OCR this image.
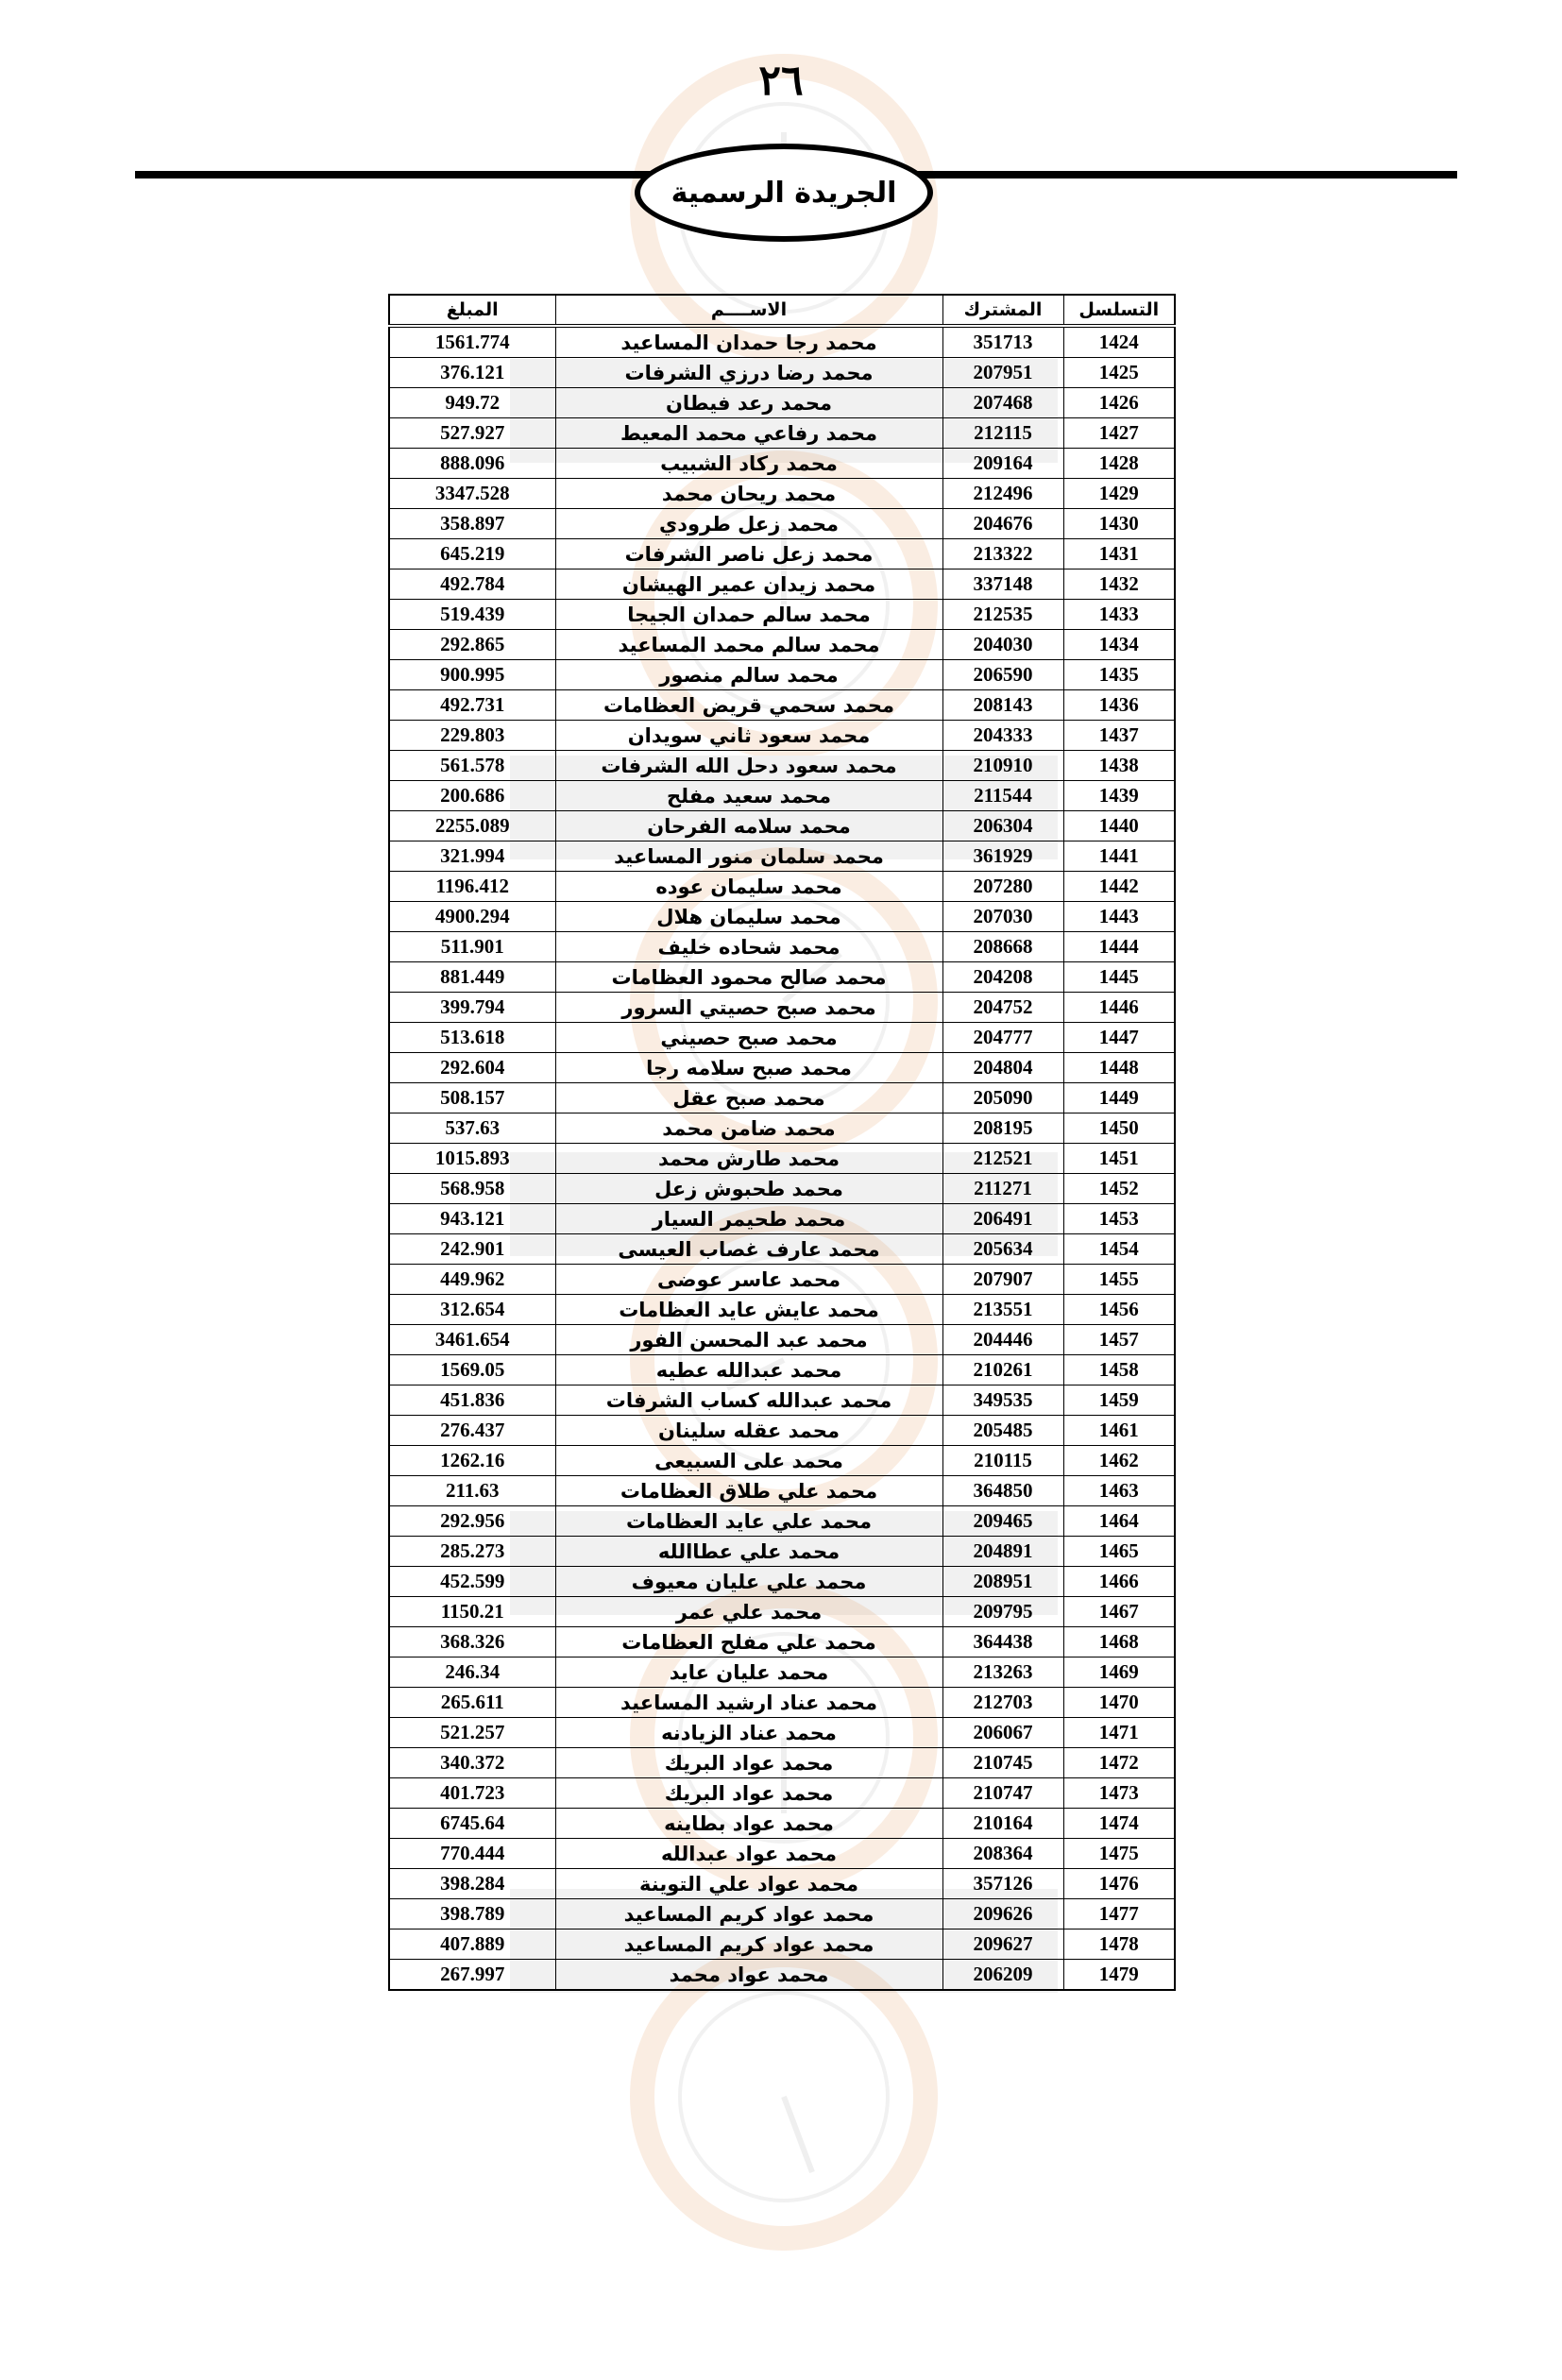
٢٦
الجريدة الرسمية
التسلسل	المشترك	الاســــم	المبلغ
1424	351713	محمد رجا حمدان المساعيد	1561.774
1425	207951	محمد رضا درزي الشرفات	376.121
1426	207468	محمد رعد فيطان	949.72
1427	212115	محمد رفاعي محمد المعيط	527.927
1428	209164	محمد ركاد الشبيب	888.096
1429	212496	محمد ريحان محمد	3347.528
1430	204676	محمد زعل طرودي	358.897
1431	213322	محمد زعل ناصر الشرفات	645.219
1432	337148	محمد زيدان عمير الهيشان	492.784
1433	212535	محمد سالم حمدان الجيجا	519.439
1434	204030	محمد سالم محمد المساعيد	292.865
1435	206590	محمد سالم منصور	900.995
1436	208143	محمد سحمي قريض العظامات	492.731
1437	204333	محمد سعود ثاني سويدان	229.803
1438	210910	محمد سعود دحل الله الشرفات	561.578
1439	211544	محمد سعيد مفلح	200.686
1440	206304	محمد سلامه الفرحان	2255.089
1441	361929	محمد سلمان منور المساعيد	321.994
1442	207280	محمد سليمان عوده	1196.412
1443	207030	محمد سليمان هلال	4900.294
1444	208668	محمد شحاده خليف	511.901
1445	204208	محمد صالح محمود العظامات	881.449
1446	204752	محمد صبح حصيتي السرور	399.794
1447	204777	محمد صبح حصيني	513.618
1448	204804	محمد صبح سلامه رجا	292.604
1449	205090	محمد صبح عقل	508.157
1450	208195	محمد ضامن محمد	537.63
1451	212521	محمد طارش محمد	1015.893
1452	211271	محمد طحبوش زعل	568.958
1453	206491	محمد طحيمر السيار	943.121
1454	205634	محمد عارف غصاب العيسى	242.901
1455	207907	محمد عاسر عوضى	449.962
1456	213551	محمد عايش عايد العظامات	312.654
1457	204446	محمد عبد المحسن الفور	3461.654
1458	210261	محمد عبدالله عطيه	1569.05
1459	349535	محمد عبدالله كساب الشرفات	451.836
1461	205485	محمد عقله سلينان	276.437
1462	210115	محمد على السبيعى	1262.16
1463	364850	محمد علي طلاق العظامات	211.63
1464	209465	محمد علي عايد العظامات	292.956
1465	204891	محمد علي عطاالله	285.273
1466	208951	محمد علي عليان معيوف	452.599
1467	209795	محمد علي عمر	1150.21
1468	364438	محمد علي مفلح العظامات	368.326
1469	213263	محمد عليان عايد	246.34
1470	212703	محمد عناد ارشيد المساعيد	265.611
1471	206067	محمد عناد الزيادنه	521.257
1472	210745	محمد عواد البريك	340.372
1473	210747	محمد عواد البريك	401.723
1474	210164	محمد عواد بطاينه	6745.64
1475	208364	محمد عواد عبدالله	770.444
1476	357126	محمد عواد علي التوينة	398.284
1477	209626	محمد عواد كريم المساعيد	398.789
1478	209627	محمد عواد كريم المساعيد	407.889
1479	206209	محمد عواد محمد	267.997
